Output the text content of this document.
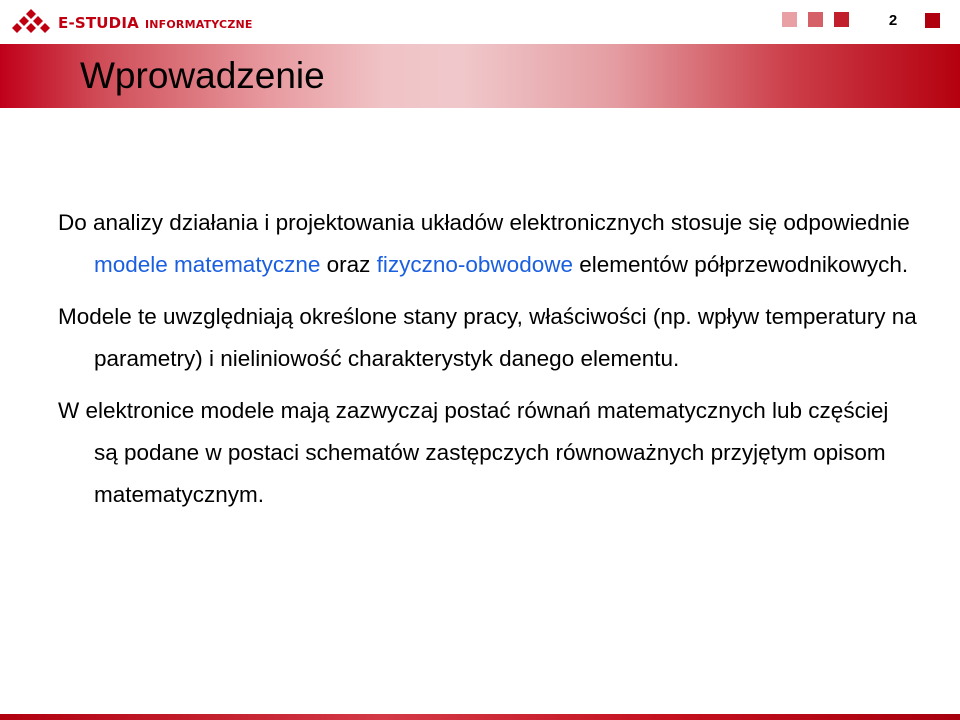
E-STUDIA INFORMATYCZNE	2
Wprowadzenie

Do analizy działania i projektowania układów elektronicznych stosuje się odpowiednie modele matematyczne oraz fizyczno-obwodowe elementów półprzewodnikowych.

Modele te uwzględniają określone stany pracy, właściwości (np. wpływ temperatury na parametry) i nieliniowość charakterystyk danego elementu.

W elektronice modele mają zazwyczaj postać równań matematycznych lub częściej są podane w postaci schematów zastępczych równoważnych przyjętym opisom matematycznym.
